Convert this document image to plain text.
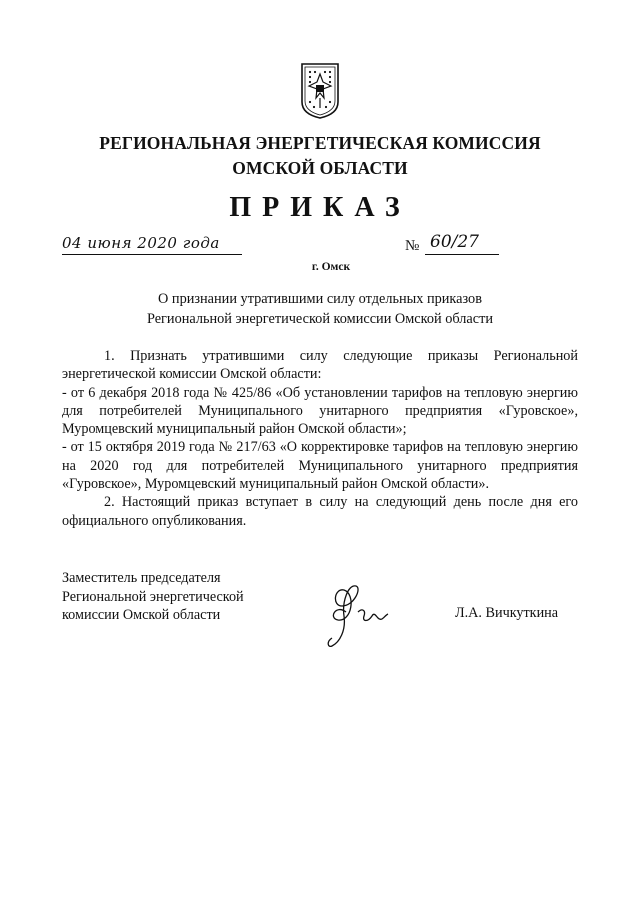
РЕГИОНАЛЬНАЯ ЭНЕРГЕТИЧЕСКАЯ КОМИССИЯ
ОМСКОЙ ОБЛАСТИ
ПРИКАЗ
04 июня 2020 года	№ 60/27
г. Омск
О признании утратившими силу отдельных приказов
Региональной энергетической комиссии Омской области

1. Признать утратившими силу следующие приказы Региональной энергетической комиссии Омской области:

- от 6 декабря 2018 года № 425/86 «Об установлении тарифов на тепловую энергию для потребителей Муниципального унитарного предприятия «Гуровское», Муромцевский муниципальный район Омской области»;

- от 15 октября 2019 года № 217/63 «О корректировке тарифов на тепловую энергию на 2020 год для потребителей Муниципального унитарного предприятия «Гуровское», Муромцевский муниципальный район Омской области».

2. Настоящий приказ вступает в силу на следующий день после дня его официального опубликования.

Заместитель председателя
Региональной энергетической
комиссии Омской области	Л.А. Вичкуткина
